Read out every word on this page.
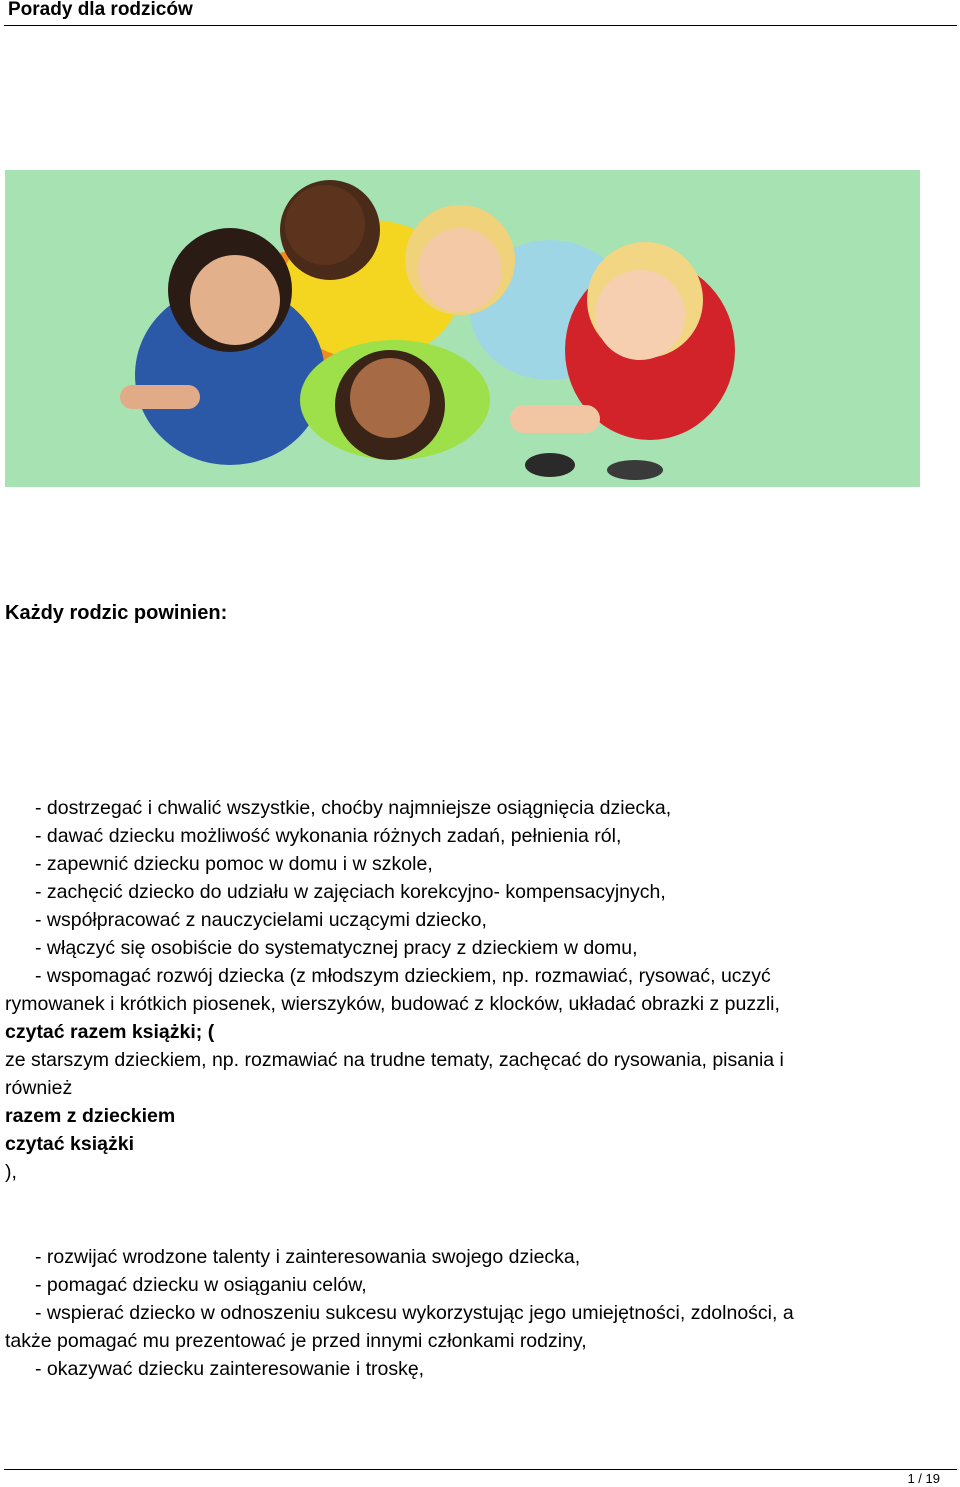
Porady dla rodziców
Każdy rodzic powinien:
- dostrzegać i chwalić wszystkie, choćby najmniejsze osiągnięcia dziecka,
- dawać dziecku możliwość wykonania różnych zadań, pełnienia ról,
- zapewnić dziecku pomoc w domu i w szkole,
- zachęcić dziecko do udziału w zajęciach korekcyjno- kompensacyjnych,
- współpracować z nauczycielami uczącymi dziecko,
- włączyć się osobiście do systematycznej pracy z dzieckiem w domu,
- wspomagać rozwój dziecka (z młodszym dzieckiem, np. rozmawiać, rysować, uczyć
rymowanek i krótkich piosenek, wierszyków, budować z klocków, układać obrazki z puzzli,
czytać razem książki; (
ze starszym dzieckiem, np. rozmawiać na trudne tematy, zachęcać do rysowania, pisania i
również
razem z dzieckiem
czytać książki
),
- rozwijać wrodzone talenty i zainteresowania swojego dziecka,
- pomagać dziecku w osiąganiu celów,
- wspierać dziecko w odnoszeniu sukcesu wykorzystując jego umiejętności, zdolności, a
także pomagać mu prezentować je przed innymi członkami rodziny,
- okazywać dziecku zainteresowanie i troskę,
1 / 19
